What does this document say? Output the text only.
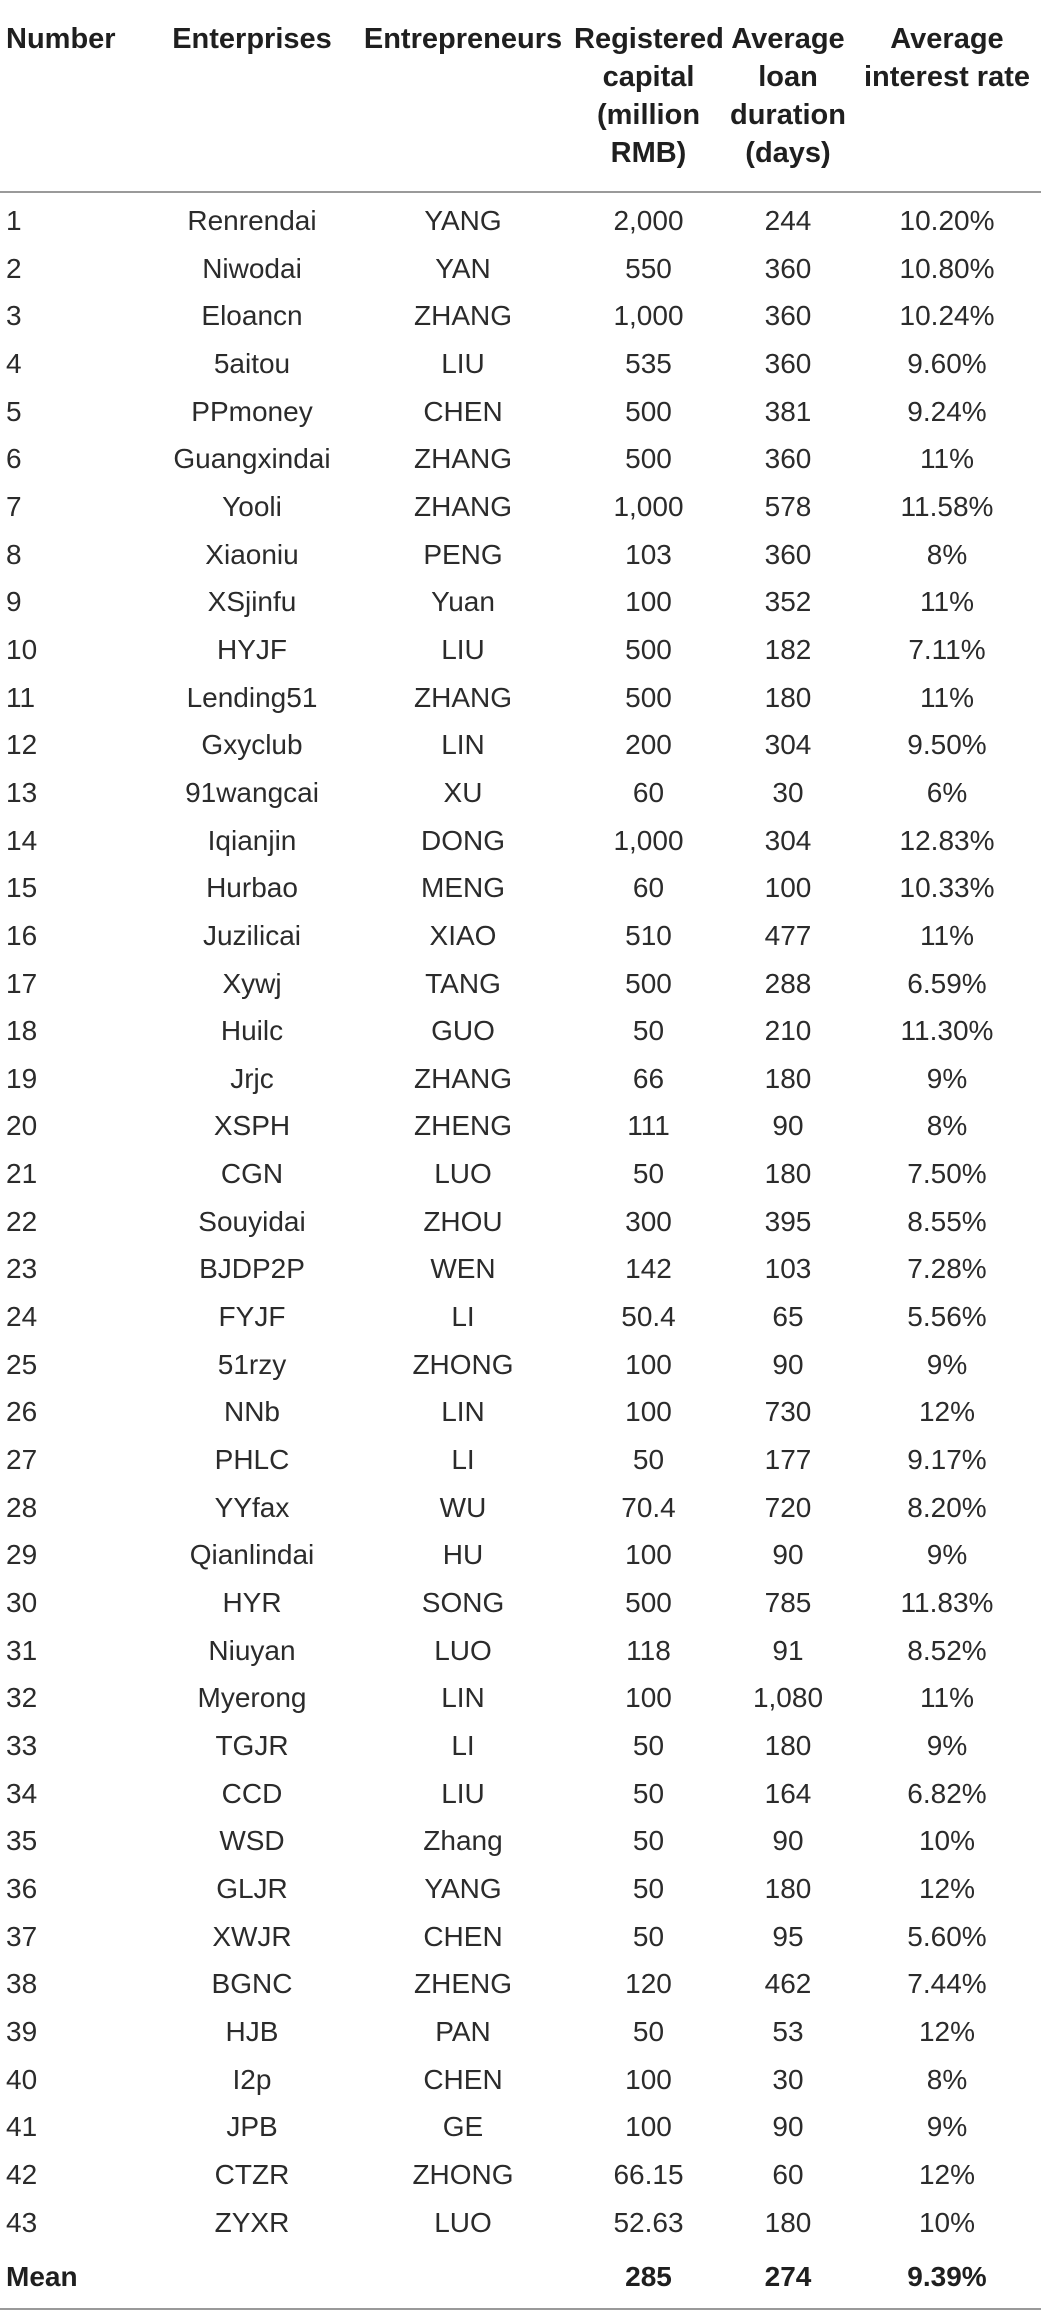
Number	Enterprises	Entrepreneurs	Registered capital (million RMB)	Average loan duration (days)	Average interest rate
1	Renrendai	YANG	2,000	244	10.20%
2	Niwodai	YAN	550	360	10.80%
3	Eloancn	ZHANG	1,000	360	10.24%
4	5aitou	LIU	535	360	9.60%
5	PPmoney	CHEN	500	381	9.24%
6	Guangxindai	ZHANG	500	360	11%
7	Yooli	ZHANG	1,000	578	11.58%
8	Xiaoniu	PENG	103	360	8%
9	XSjinfu	Yuan	100	352	11%
10	HYJF	LIU	500	182	7.11%
11	Lending51	ZHANG	500	180	11%
12	Gxyclub	LIN	200	304	9.50%
13	91wangcai	XU	60	30	6%
14	Iqianjin	DONG	1,000	304	12.83%
15	Hurbao	MENG	60	100	10.33%
16	Juzilicai	XIAO	510	477	11%
17	Xywj	TANG	500	288	6.59%
18	Huilc	GUO	50	210	11.30%
19	Jrjc	ZHANG	66	180	9%
20	XSPH	ZHENG	111	90	8%
21	CGN	LUO	50	180	7.50%
22	Souyidai	ZHOU	300	395	8.55%
23	BJDP2P	WEN	142	103	7.28%
24	FYJF	LI	50.4	65	5.56%
25	51rzy	ZHONG	100	90	9%
26	NNb	LIN	100	730	12%
27	PHLC	LI	50	177	9.17%
28	YYfax	WU	70.4	720	8.20%
29	Qianlindai	HU	100	90	9%
30	HYR	SONG	500	785	11.83%
31	Niuyan	LUO	118	91	8.52%
32	Myerong	LIN	100	1,080	11%
33	TGJR	LI	50	180	9%
34	CCD	LIU	50	164	6.82%
35	WSD	Zhang	50	90	10%
36	GLJR	YANG	50	180	12%
37	XWJR	CHEN	50	95	5.60%
38	BGNC	ZHENG	120	462	7.44%
39	HJB	PAN	50	53	12%
40	I2p	CHEN	100	30	8%
41	JPB	GE	100	90	9%
42	CTZR	ZHONG	66.15	60	12%
43	ZYXR	LUO	52.63	180	10%
Mean			285	274	9.39%
